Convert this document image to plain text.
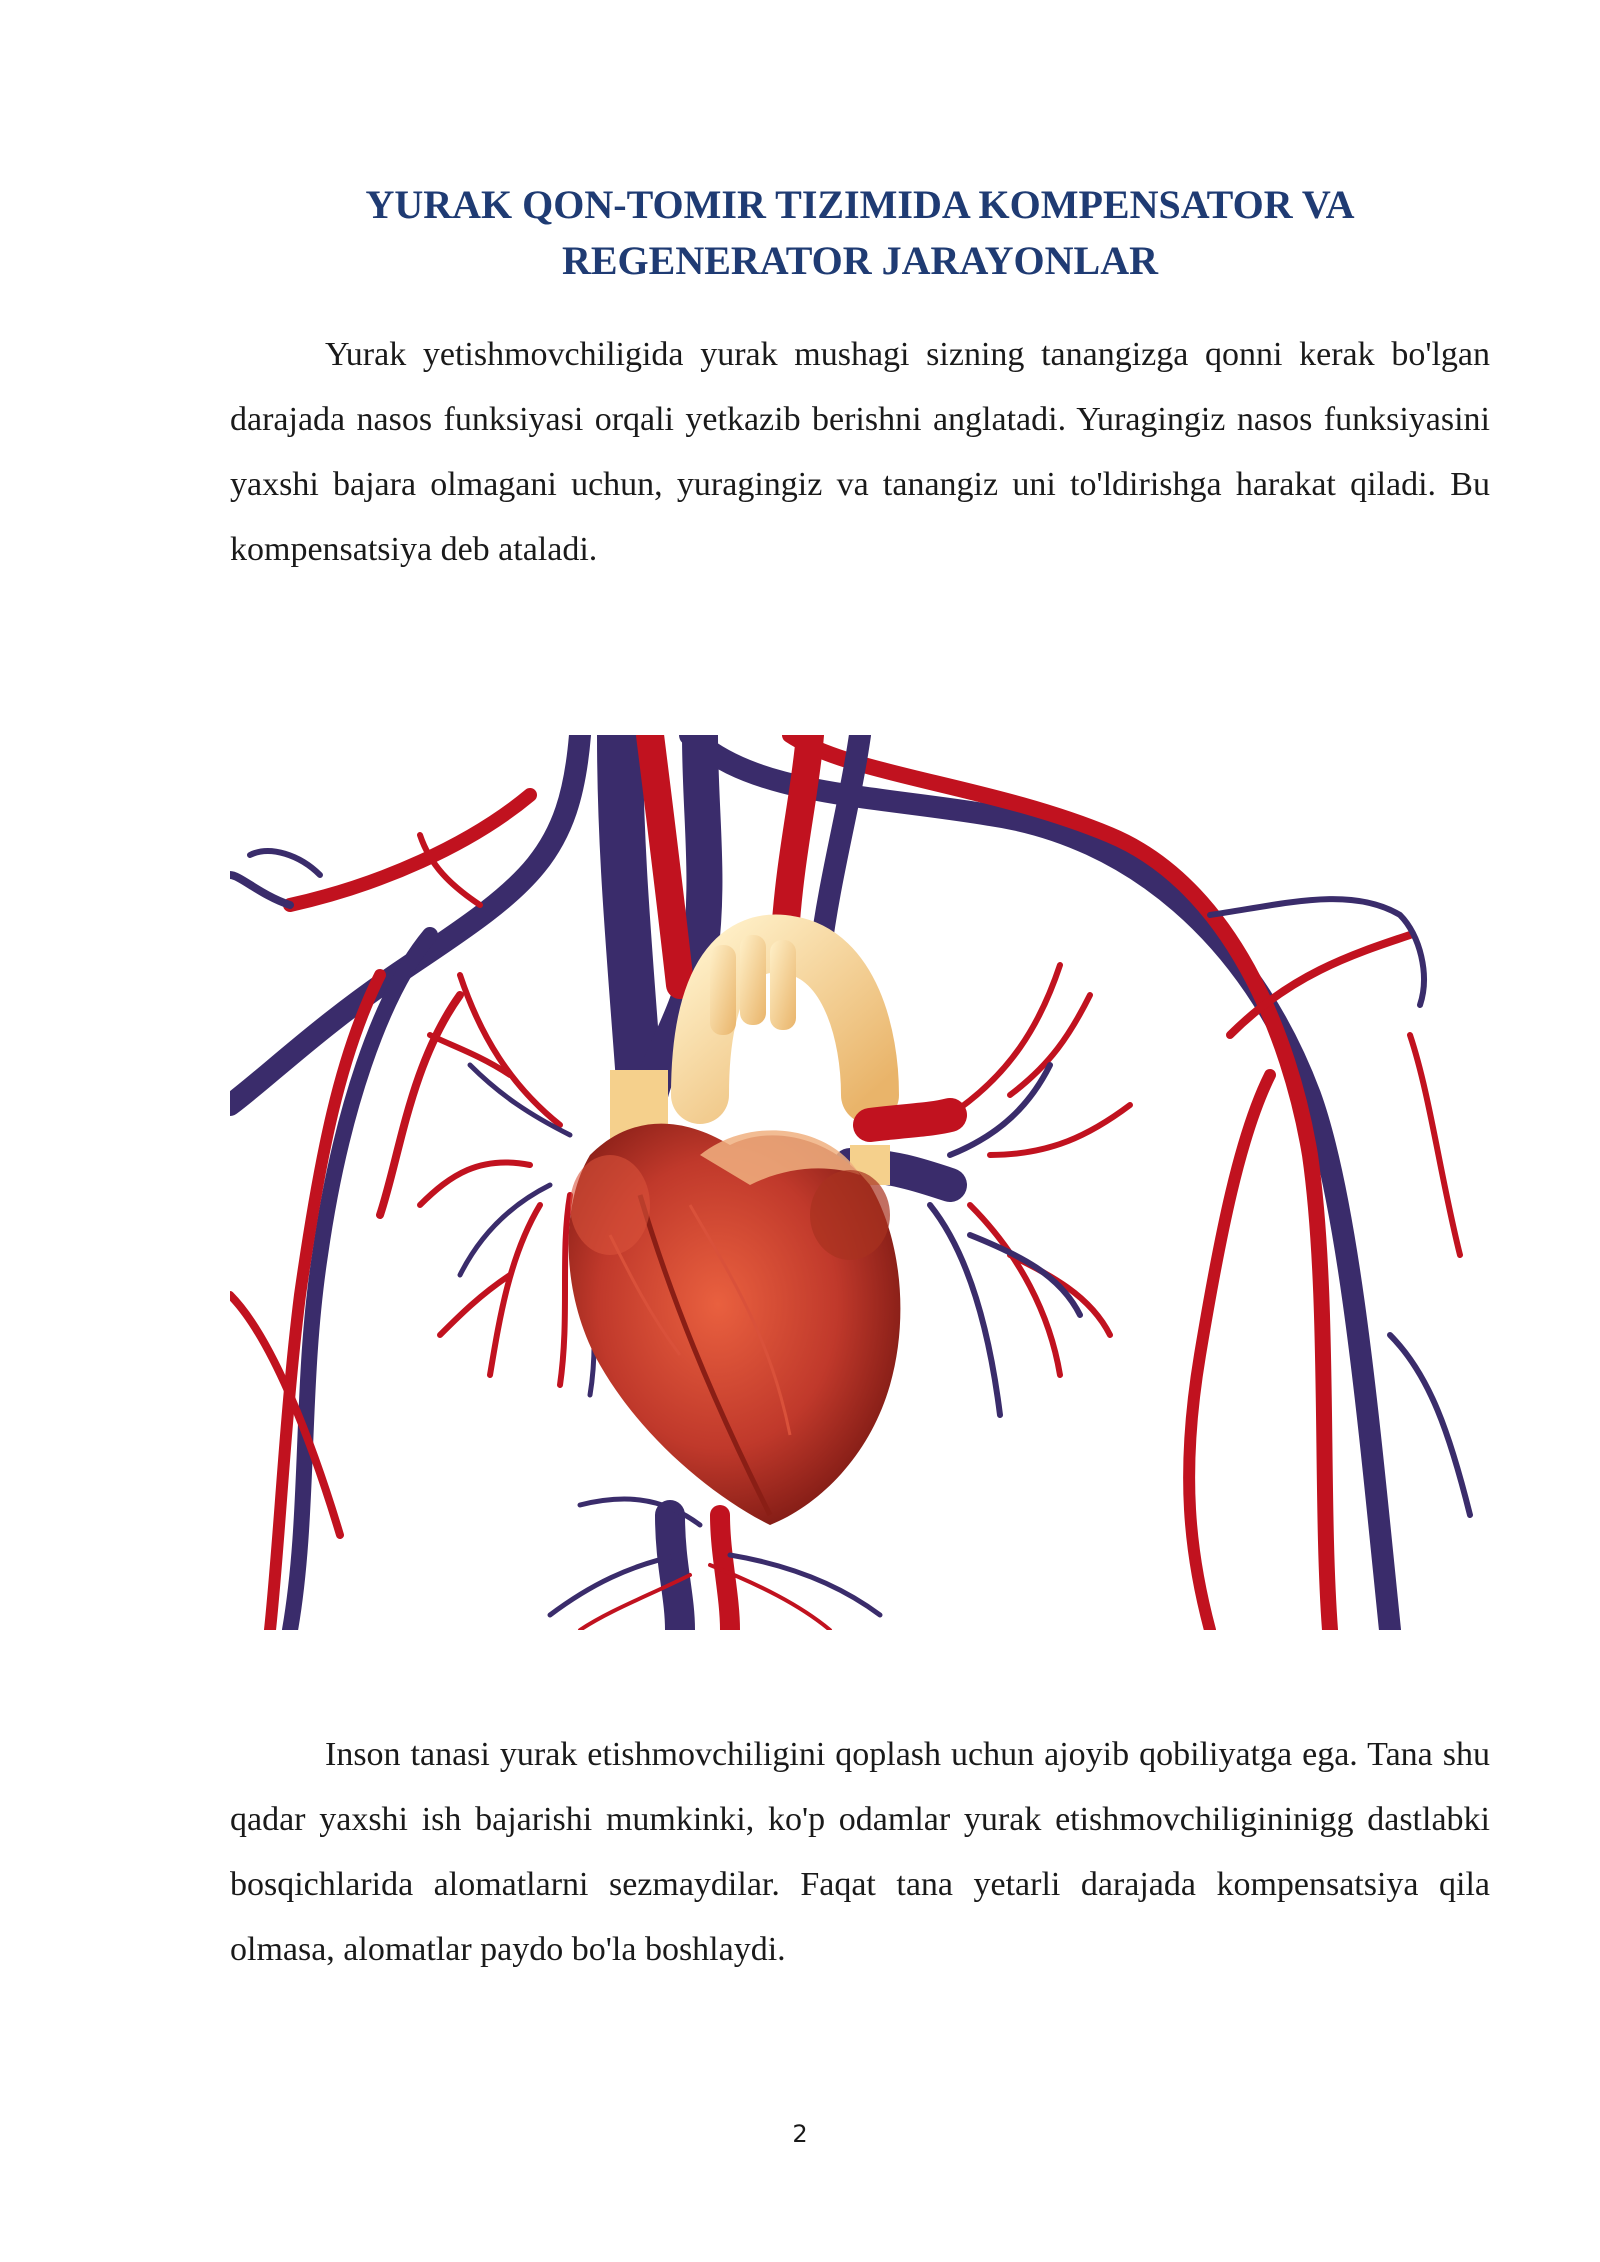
YURAK QON-TOMIR TIZIMIDA KOMPENSATOR VA
REGENERATOR JARAYONLAR

Yurak yetishmovchiligida yurak mushagi sizning tanangizga qonni kerak bo'lgan darajada nasos funksiyasi orqali yetkazib berishni anglatadi. Yuragingiz nasos funksiyasini yaxshi bajara olmagani uchun, yuragingiz va tanangiz uni to'ldirishga harakat qiladi. Bu kompensatsiya deb ataladi.

Inson tanasi yurak etishmovchiligini qoplash uchun ajoyib qobiliyatga ega. Tana shu qadar yaxshi ish bajarishi mumkinki, ko'p odamlar yurak etishmovchiligininigg dastlabki bosqichlarida alomatlarni sezmaydilar. Faqat tana yetarli darajada kompensatsiya qila olmasa, alomatlar paydo bo'la boshlaydi.

2
